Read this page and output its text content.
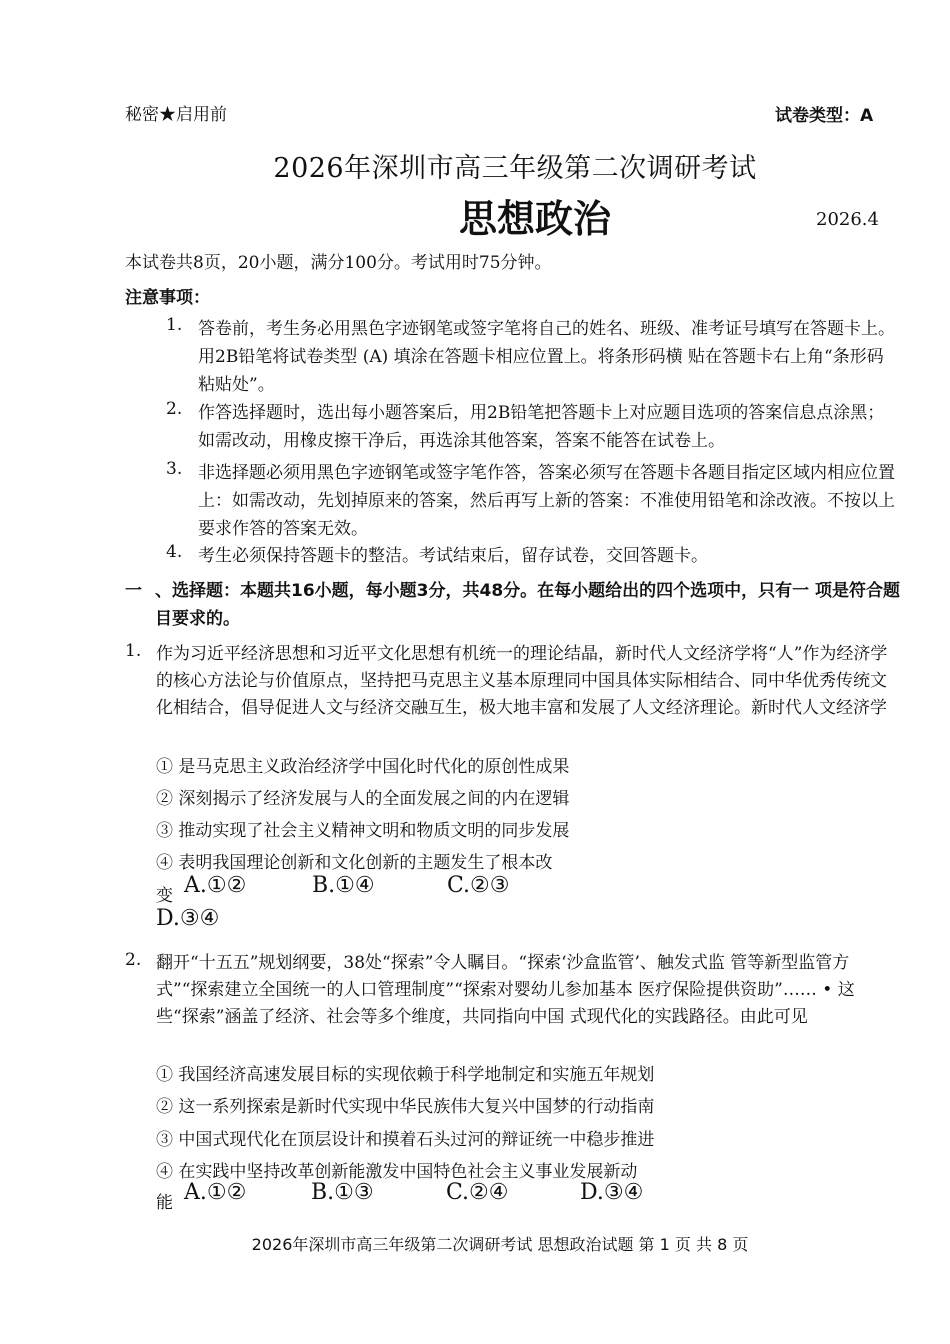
秘密★启用前	试卷类型：A
2026年深圳市高三年级第二次调研考试
思想政治	2026.4
本试卷共8页，20小题，满分100分。考试用时75分钟。
注意事项：
1. 答卷前，考生务必用黑色字迹钢笔或签字笔将自己的姓名、班级、准考证号填写在答题卡上。用2B铅笔将试卷类型 (A) 填涂在答题卡相应位置上。将条形码横 贴在答题卡右上角“条形码粘贴处”。
2. 作答选择题时，选出每小题答案后，用2B铅笔把答题卡上对应题目选项的答案信息点涂黑；如需改动，用橡皮擦干净后，再选涂其他答案，答案不能答在试卷上。
3. 非选择题必须用黑色字迹钢笔或签字笔作答，答案必须写在答题卡各题目指定区域内相应位置上：如需改动，先划掉原来的答案，然后再写上新的答案：不准使用铅笔和涂改液。不按以上要求作答的答案无效。
4. 考生必须保持答题卡的整洁。考试结束后，留存试卷，交回答题卡。
一 、选择题：本题共16小题，每小题3分，共48分。在每小题给出的四个选项中，只有一 项是符合题目要求的。
1. 作为习近平经济思想和习近平文化思想有机统一的理论结晶，新时代人文经济学将“人”作为经济学的核心方法论与价值原点，坚持把马克思主义基本原理同中国具体实际相结合、同中华优秀传统文化相结合，倡导促进人文与经济交融互生，极大地丰富和发展了人文经济理论。新时代人文经济学
① 是马克思主义政治经济学中国化时代化的原创性成果
② 深刻揭示了经济发展与人的全面发展之间的内在逻辑
③ 推动实现了社会主义精神文明和物质文明的同步发展
④ 表明我国理论创新和文化创新的主题发生了根本改
变 A.①②	B.①④	C.②③
D.③④
2. 翻开“十五五”规划纲要，38处“探索”令人瞩目。“探索‘沙盒监管’、触发式监 管等新型监管方式”“探索建立全国统一的人口管理制度”“探索对婴幼儿参加基本 医疗保险提供资助”…… • 这些“探索”涵盖了经济、社会等多个维度，共同指向中国 式现代化的实践路径。由此可见
① 我国经济高速发展目标的实现依赖于科学地制定和实施五年规划
② 这一系列探索是新时代实现中华民族伟大复兴中国梦的行动指南
③ 中国式现代化在顶层设计和摸着石头过河的辩证统一中稳步推进
④ 在实践中坚持改革创新能激发中国特色社会主义事业发展新动
能 A.①②	B.①③	C.②④	D.③④
2026年深圳市高三年级第二次调研考试 思想政治试题 第 1 页 共 8 页
